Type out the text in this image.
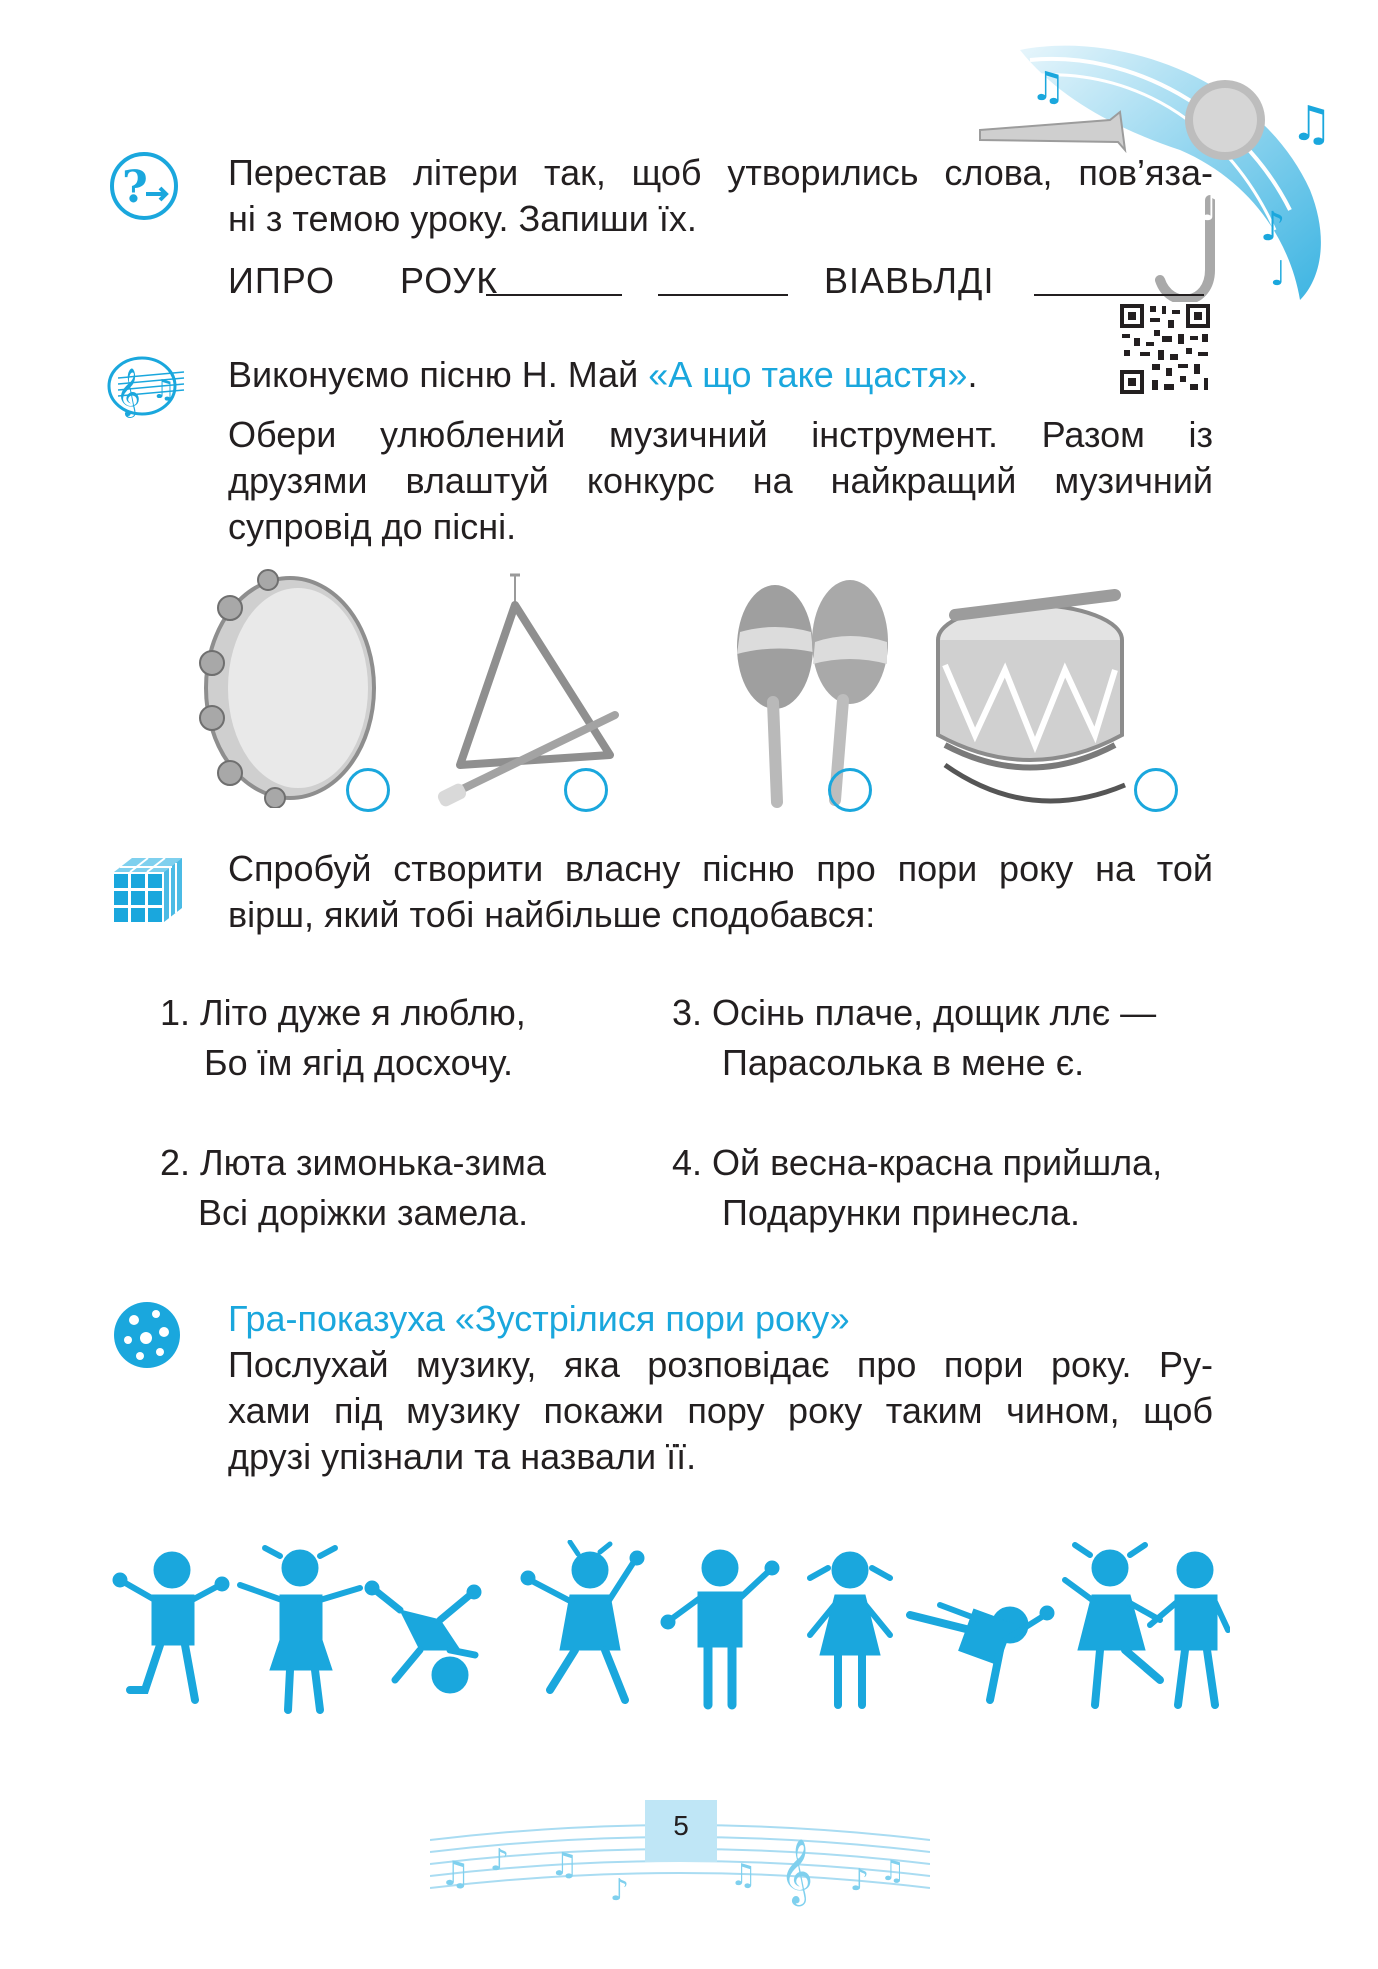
♫
♫
♪
♪
♩
? Перестав літери так, щоб утворились слова, пов’яза-
ні з темою уроку. Запиши їх.
ИПРО РОУК	ВІАВЬЛДІ
𝄞 ♫ Виконуємо пісню Н. Май «А що таке щастя».
Обери улюблений музичний інструмент. Разом із
друзями влаштуй конкурс на найкращий музичний
супровід до пісні.
Спробуй створити власну пісню про пори року на той
вірш, який тобі найбільше сподобався:
1. Літо дуже я люблю,
Бо їм ягід досхочу.
2. Люта зимонька-зима
Всі доріжки замела.
3. Осінь плаче, дощик ллє —
Парасолька в мене є.
4. Ой весна-красна прийшла,
Подарунки принесла.
Гра-показуха «Зустрілися пори року»
Послухай музику, яка розповідає про пори року. Ру-
хами під музику покажи пору року таким чином, щоб
друзі упізнали та назвали її.
♫ ♪ ♫
♪	♫ 𝄞 ♪ ♫
5
